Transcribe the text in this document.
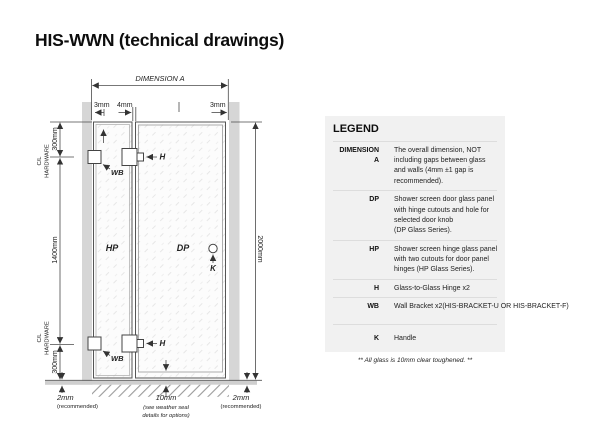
HIS-WWN (technical drawings)
DIMENSION A
3mm 4mm	3mm
300mm
C/L HARDWARE
1400mm
C/L HARDWARE
300mm
2000mm
H
H
WB
WB
K
HP	DP
2mm
(recommended)
10mm
(see weather seal
details for options)
2mm
(recommended)
LEGEND
DIMENSION A
The overall dimension, NOT
including gaps between glass
and walls (4mm ±1 gap is
recommended).
DP Shower screen door glass panel
with hinge cutouts and hole for
selected door knob
(DP Glass Series).
HP Shower screen hinge glass panel
with two cutouts for door panel
hinges (HP Glass Series).
H Glass-to-Glass Hinge x2
WB Wall Bracket x2(HIS-BRACKET-U OR HIS-BRACKET-F)
K Handle
** All glass is 10mm clear toughened. **
